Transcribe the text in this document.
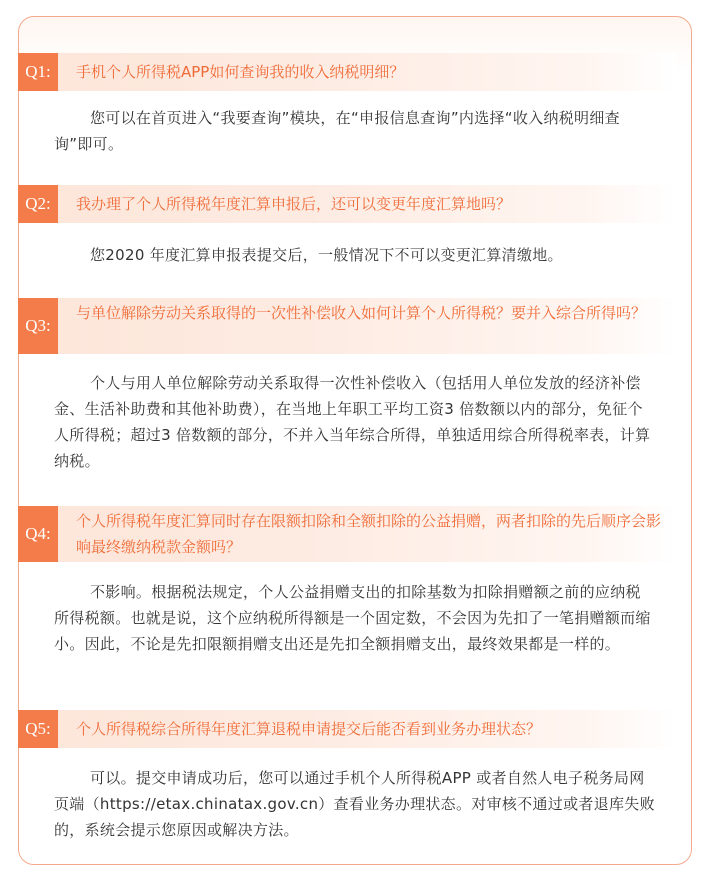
Q1:	手机个人所得税APP如何查询我的收入纳税明细？

您可以在首页进入“我要查询”模块，在“申报信息查询”内选择“收入纳税明细查询”即可。

Q2:	我办理了个人所得税年度汇算申报后，还可以变更年度汇算地吗？

您2020 年度汇算申报表提交后，一般情况下不可以变更汇算清缴地。

Q3:
与单位解除劳动关系取得的一次性补偿收入如何计算个人所得税？要并入综合所得吗？

个人与用人单位解除劳动关系取得一次性补偿收入（包括用人单位发放的经济补偿金、生活补助费和其他补助费），在当地上年职工平均工资3 倍数额以内的部分，免征个人所得税；超过3 倍数额的部分，不并入当年综合所得，单独适用综合所得税率表，计算纳税。

Q4:
个人所得税年度汇算同时存在限额扣除和全额扣除的公益捐赠，两者扣除的先后顺序会影响最终缴纳税款金额吗？

不影响。根据税法规定，个人公益捐赠支出的扣除基数为扣除捐赠额之前的应纳税所得税额。也就是说，这个应纳税所得额是一个固定数，不会因为先扣了一笔捐赠额而缩小。因此，不论是先扣限额捐赠支出还是先扣全额捐赠支出，最终效果都是一样的。

Q5:	个人所得税综合所得年度汇算退税申请提交后能否看到业务办理状态？

可以。提交申请成功后，您可以通过手机个人所得税APP 或者自然人电子税务局网页端（https://etax.chinatax.gov.cn）查看业务办理状态。对审核不通过或者退库失败的，系统会提示您原因或解决方法。
